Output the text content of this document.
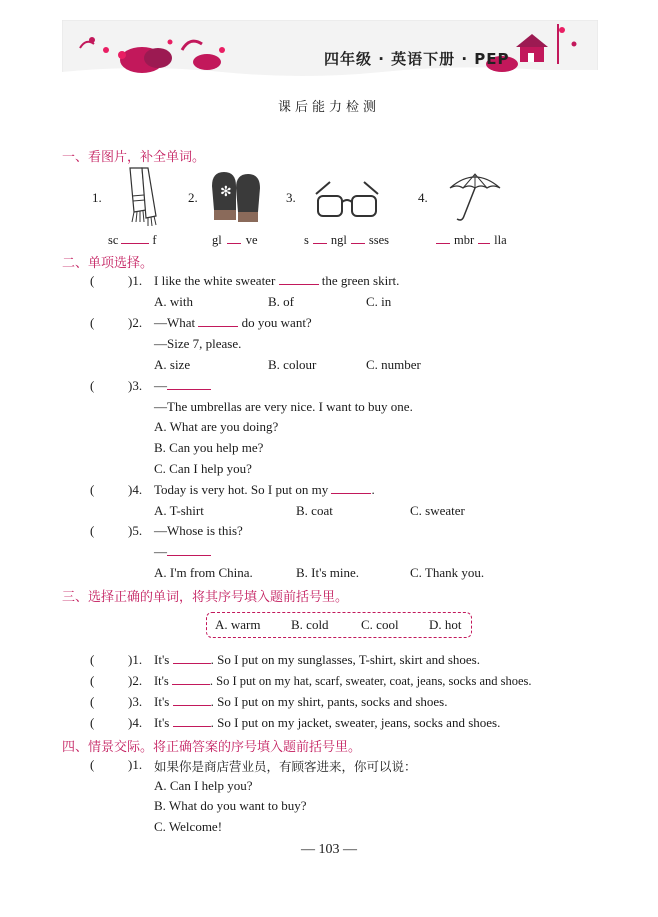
四年级 · 英语下册 · PEP
课后能力检测
一、看图片，补全单词。
1.	2.	3.	4.
✻
sc	f	gl ve	s ngl sses	mbr lla
二、单项选择。
(	)1. I like the white sweater	the green skirt.
A. with	B. of	C. in
(	)2. —What	do you want?
—Size 7, please.
A. size	B. colour	C. number
(	)3. —
—The umbrellas are very nice. I want to buy one.
A. What are you doing?
B. Can you help me?
C. Can I help you?
(	)4. Today is very hot. So I put on my	.
A. T-shirt	B. coat	C. sweater
(	)5. —Whose is this?
—
A. I'm from China.	B. It's mine.	C. Thank you.
三、选择正确的单词，将其序号填入题前括号里。
A. warm B. cold C. cool D. hot
(	)1. It's	. So I put on my sunglasses, T-shirt, skirt and shoes.
(	)2. It's	. So I put on my hat, scarf, sweater, coat, jeans, socks and shoes.
(	)3. It's	. So I put on my shirt, pants, socks and shoes.
(	)4. It's	. So I put on my jacket, sweater, jeans, socks and shoes.
四、情景交际。将正确答案的序号填入题前括号里。
(	)1. 如果你是商店营业员，有顾客进来，你可以说：
A. Can I help you?
B. What do you want to buy?
C. Welcome!
— 103 —
